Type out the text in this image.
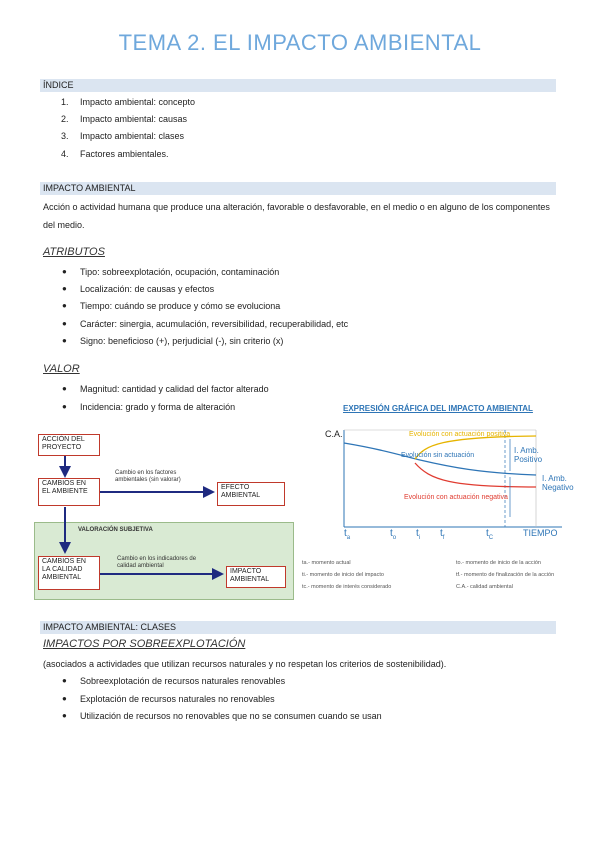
TEMA 2. EL IMPACTO AMBIENTAL
ÍNDICE
1. Impacto ambiental: concepto
2. Impacto ambiental: causas
3. Impacto ambiental: clases
4. Factores ambientales.
IMPACTO AMBIENTAL
Acción o actividad humana que produce una alteración, favorable o desfavorable, en el medio o en alguno de los componentes del medio.
ATRIBUTOS
● Tipo: sobreexplotación, ocupación, contaminación
● Localización: de causas y efectos
● Tiempo: cuándo se produce y cómo se evoluciona
● Carácter: sinergia, acumulación, reversibilidad, recuperabilidad, etc
● Signo: beneficioso (+), perjudicial (-), sin criterio (x)
VALOR
● Magnitud: cantidad y calidad del factor alterado
● Incidencia: grado y forma de alteración
ACCIÓN DEL PROYECTO
CAMBIOS EN EL AMBIENTE
Cambio en los factores ambientales (sin valorar)
EFECTO AMBIENTAL
VALORACIÓN SUBJETIVA
CAMBIOS EN LA CALIDAD AMBIENTAL
Cambio en los indicadores de calidad ambiental
IMPACTO AMBIENTAL
EXPRESIÓN GRÁFICA DEL IMPACTO AMBIENTAL
C.A.	Evolución con actuación positiva
Evolución sin actuación
Evolución con actuación negativa
I. Amb. Positivo
I. Amb. Negativo
$t_a$	$t_o$ $t_i$ $t_f$	$t_C$	TIEMPO
ta.- momento actual
ti.- momento de inicio del impacto
tc.- momento de interés considerado
to.- momento de inicio de la acción
tf.- momento de finalización de la acción
C.A.- calidad ambiental
IMPACTO AMBIENTAL: CLASES
IMPACTOS POR SOBREEXPLOTACIÓN
(asociados a actividades que utilizan recursos naturales y no respetan los criterios de sostenibilidad).
● Sobreexplotación de recursos naturales renovables
● Explotación de recursos naturales no renovables
● Utilización de recursos no renovables que no se consumen cuando se usan
